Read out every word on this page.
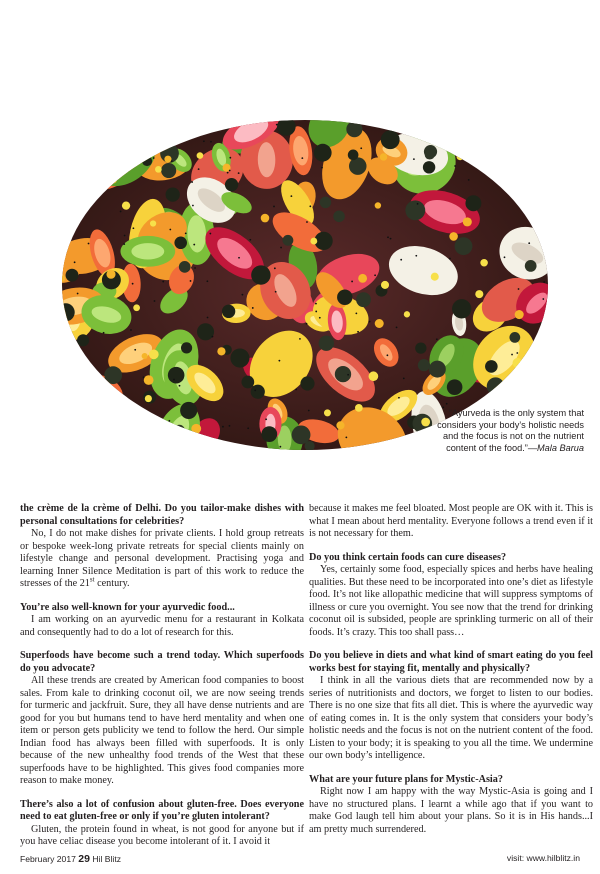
“Ayurveda is the only system that considers your body’s holistic needs and the focus is not on the nutrient content of the food.”—Mala Barua

the crème de la crème of Delhi. Do you tailor-make dishes with personal consultations for celebrities?

No, I do not make dishes for private clients. I hold group retreats or bespoke week-long private retreats for special clients mainly on lifestyle change and personal development. Practising yoga and learning Inner Silence Meditation is part of this work to reduce the stresses of the 21st century.

You’re also well-known for your ayurvedic food...

I am working on an ayurvedic menu for a restaurant in Kolkata and consequently had to do a lot of research for this.

Superfoods have become such a trend today. Which superfoods do you advocate?

All these trends are created by American food companies to boost sales. From kale to drinking coconut oil, we are now seeing trends for turmeric and jackfruit. Sure, they all have dense nutrients and are good for you but humans tend to have herd mentality and when one item or person gets publicity we tend to follow the herd. Our simple Indian food has always been filled with superfoods. It is only because of the new unhealthy food trends of the West that these superfoods have to be highlighted. This gives food companies more reason to make money.

There’s also a lot of confusion about gluten-free. Does everyone need to eat gluten-free or only if you’re gluten intolerant?

Gluten, the protein found in wheat, is not good for anyone but if you have celiac disease you become intolerant of it. I avoid it

because it makes me feel bloated. Most people are OK with it. This is what I mean about herd mentality. Everyone follows a trend even if it is not necessary for them.

Do you think certain foods can cure diseases?

Yes, certainly some food, especially spices and herbs have healing qualities. But these need to be incorporated into one’s diet as lifestyle food. It’s not like allopathic medicine that will suppress symptoms of illness or cure you overnight. You see now that the trend for drinking coconut oil is subsided, people are sprinkling turmeric on all of their foods. It’s crazy. This too shall pass…

Do you believe in diets and what kind of smart eating do you feel works best for staying fit, mentally and physically?

I think in all the various diets that are recommended now by a series of nutritionists and doctors, we forget to listen to our bodies. There is no one size that fits all diet. This is where the ayurvedic way of eating comes in. It is the only system that considers your body’s holistic needs and the focus is not on the nutrient content of the food. Listen to your body; it is speaking to you all the time. We undermine our own body’s intelligence.

What are your future plans for Mystic-Asia?

Right now I am happy with the way Mystic-Asia is going and I have no structured plans. I learnt a while ago that if you want to make God laugh tell him about your plans. So it is in His hands...I am pretty much surrendered.

February 2017 29 Hil Blitz	visit: www.hilblitz.in
